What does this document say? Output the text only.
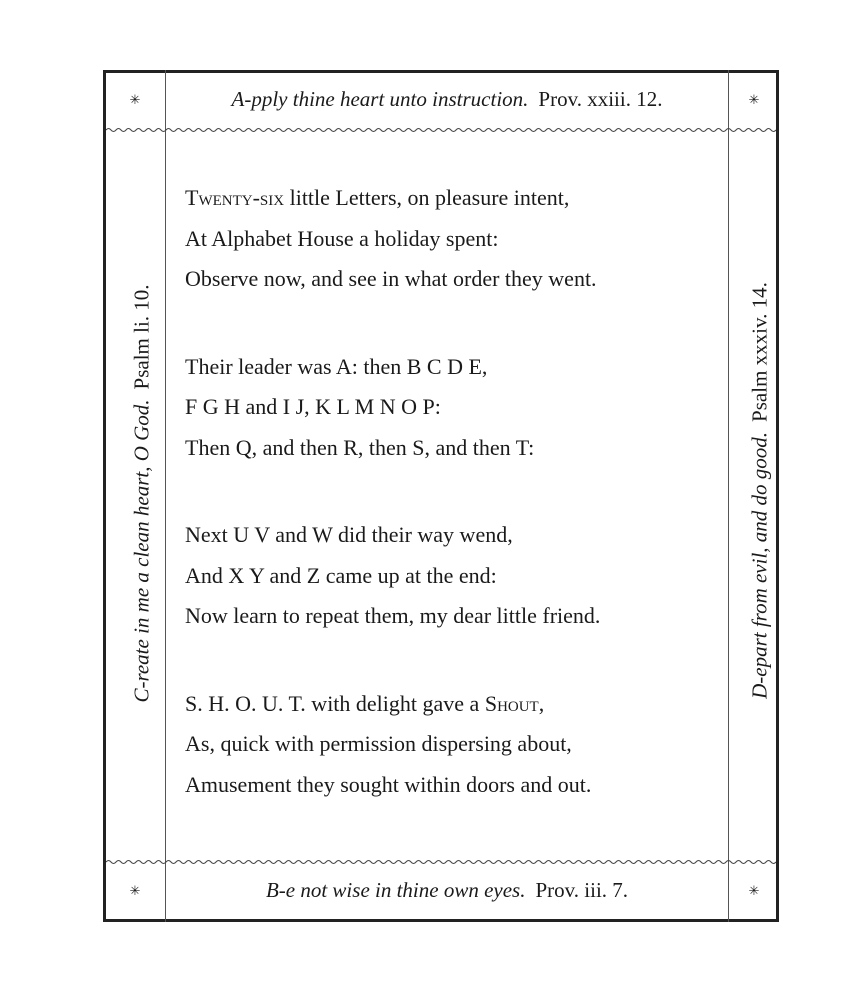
✳	✳
✳	✳
A-pply thine heart unto instruction. Prov. xxiii. 12.
B-e not wise in thine own eyes. Prov. iii. 7.
C-reate in me a clean heart, O God.Psalm li. 10.
D-epart from evil, and do good.Psalm xxxiv. 14.
Twenty-six little Letters, on pleasure intent,
At Alphabet House a holiday spent:
Observe now, and see in what order they went.
Their leader was A: then B C D E,
F G H and I J, K L M N O P:
Then Q, and then R, then S, and then T:
Next U V and W did their way wend,
And X Y and Z came up at the end:
Now learn to repeat them, my dear little friend.
S. H. O. U. T. with delight gave a Shout,
As, quick with permission dispersing about,
Amusement they sought within doors and out.
